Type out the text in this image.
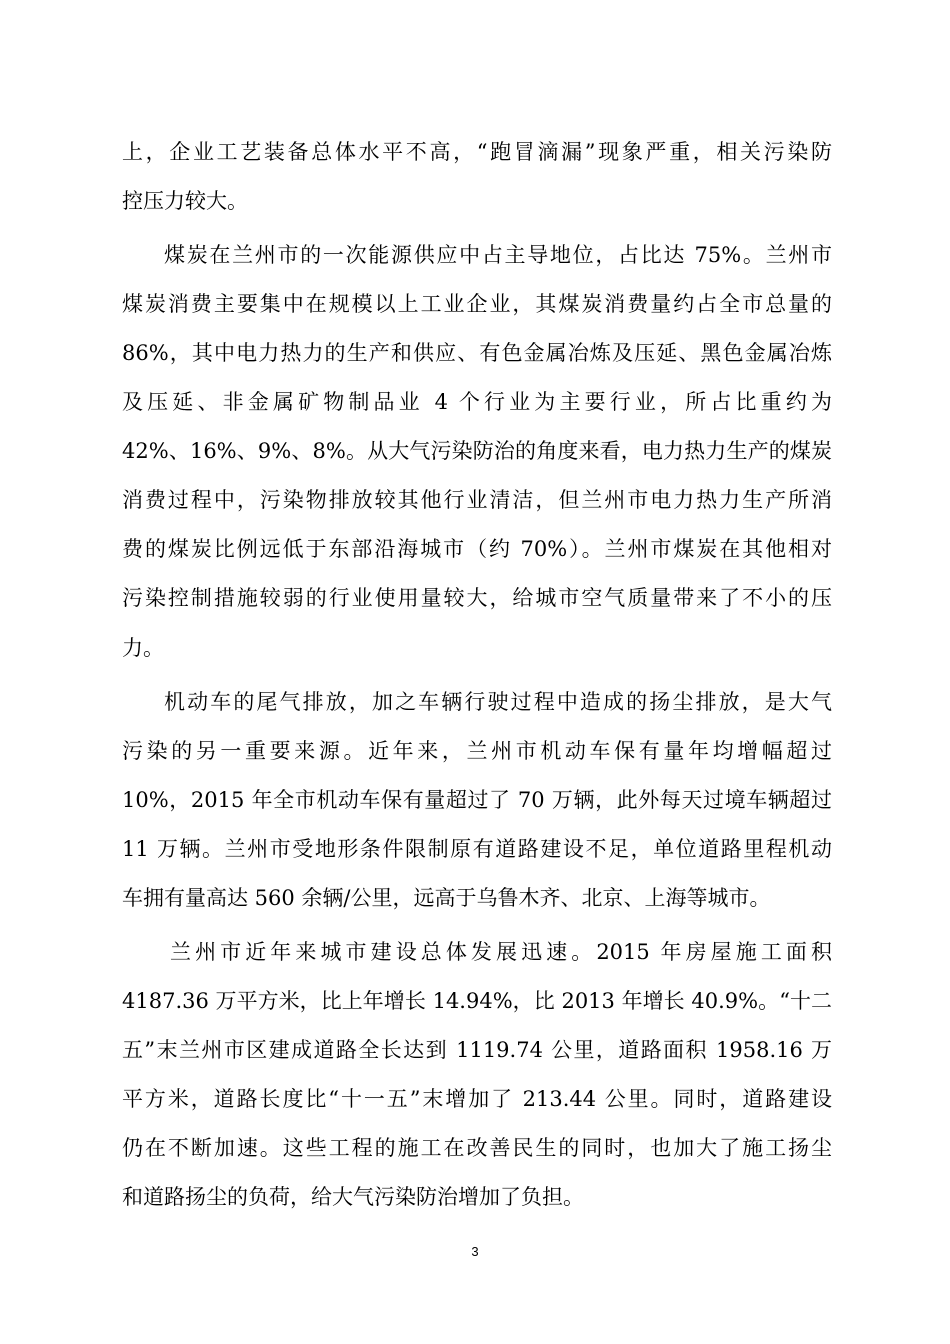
上，企业工艺装备总体水平不高，“跑冒滴漏”现象严重，相关污染防
控压力较大。
煤炭在兰州市的一次能源供应中占主导地位，占比达 75%。兰州市
煤炭消费主要集中在规模以上工业企业，其煤炭消费量约占全市总量的
86%，其中电力热力的生产和供应、有色金属冶炼及压延、黑色金属冶炼
及压延、非金属矿物制品业 4 个行业为主要行业，所占比重约为
42%、16%、9%、8%。从大气污染防治的角度来看，电力热力生产的煤炭
消费过程中，污染物排放较其他行业清洁，但兰州市电力热力生产所消
费的煤炭比例远低于东部沿海城市（约 70%）。兰州市煤炭在其他相对
污染控制措施较弱的行业使用量较大，给城市空气质量带来了不小的压
力。
机动车的尾气排放，加之车辆行驶过程中造成的扬尘排放，是大气
污染的另一重要来源。近年来，兰州市机动车保有量年均增幅超过
10%，2015 年全市机动车保有量超过了 70 万辆，此外每天过境车辆超过
11 万辆。兰州市受地形条件限制原有道路建设不足，单位道路里程机动
车拥有量高达 560 余辆/公里，远高于乌鲁木齐、北京、上海等城市。
兰州市近年来城市建设总体发展迅速。2015 年房屋施工面积
4187.36 万平方米，比上年增长 14.94%，比 2013 年增长 40.9%。“十二
五”末兰州市区建成道路全长达到 1119.74 公里，道路面积 1958.16 万
平方米，道路长度比“十一五”末增加了 213.44 公里。同时，道路建设
仍在不断加速。这些工程的施工在改善民生的同时，也加大了施工扬尘
和道路扬尘的负荷，给大气污染防治增加了负担。
3
